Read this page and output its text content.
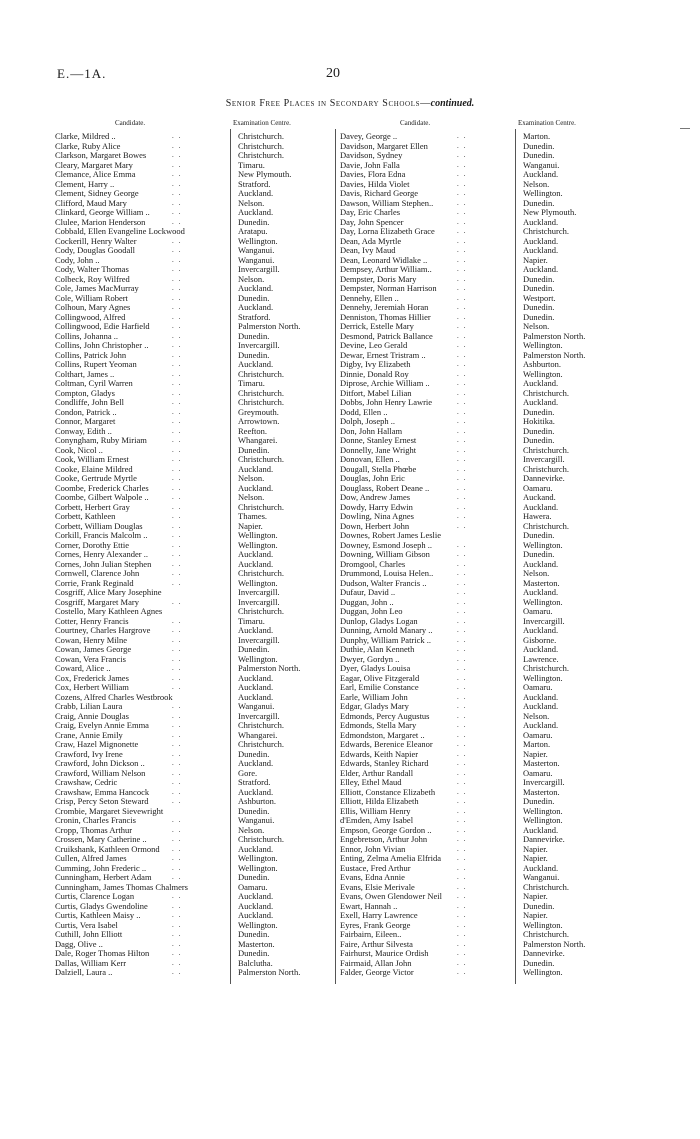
E.—1A.	20
Senior Free Places in Secondary Schools—continued.
Candidate.	Examination Centre.
Clarke, Mildred ..	..	Christchurch.
Clarke, Ruby Alice	..	Christchurch.
Clarkson, Margaret Bowes	..	Christchurch.
Cleary, Margaret Mary	..	Timaru.
Clemance, Alice Emma	..	New Plymouth.
Clement, Harry ..	..	Stratford.
Clement, Sidney George	..	Auckland.
Clifford, Maud Mary	..	Nelson.
Clinkard, George William ..	..	Auckland.
Clulee, Marion Henderson	..	Dunedin.
Cobbald, Ellen Evangeline Lockwood	Aratapu.
Cockerill, Henry Walter	..	Wellington.
Cody, Douglas Goodall	..	Wanganui.
Cody, John ..	..	Wanganui.
Cody, Walter Thomas	..	Invercargill.
Colbeck, Roy Wilfred	..	Nelson.
Cole, James MacMurray	..	Auckland.
Cole, William Robert	..	Dunedin.
Colhoun, Mary Agnes	..	Auckland.
Collingwood, Alfred	..	Stratford.
Collingwood, Edie Harfield	..	Palmerston North.
Collins, Johanna ..	..	Dunedin.
Collins, John Christopher ..	..	Invercargill.
Collins, Patrick John	..	Dunedin.
Collins, Rupert Yeoman	..	Auckland.
Colthart, James ..	..	Christchurch.
Coltman, Cyril Warren	..	Timaru.
Compton, Gladys	..	Christchurch.
Condliffe, John Bell	..	Christchurch.
Condon, Patrick ..	..	Greymouth.
Connor, Margaret	..	Arrowtown.
Conway, Edith ..	..	Reefton.
Conyngham, Ruby Miriam	..	Whangarei.
Cook, Nicol ..	..	Dunedin.
Cook, William Ernest	..	Christchurch.
Cooke, Elaine Mildred	..	Auckland.
Cooke, Gertrude Myrtle	..	Nelson.
Coombe, Frederick Charles	..	Auckland.
Coombe, Gilbert Walpole ..	..	Nelson.
Corbett, Herbert Gray	..	Christchurch.
Corbett, Kathleen	..	Thames.
Corbett, William Douglas	..	Napier.
Corkill, Francis Malcolm ..	..	Wellington.
Corner, Dorothy Ettie	..	Wellington.
Cornes, Henry Alexander ..	..	Auckland.
Cornes, John Julian Stephen	..	Auckland.
Cornwell, Clarence John	..	Christchurch.
Corrie, Frank Reginald	..	Wellington.
Cosgriff, Alice Mary Josephine	Invercargill.
Cosgriff, Margaret Mary	..	Invercargill.
Costello, Mary Kathleen Agnes	Christchurch.
Cotter, Henry Francis	..	Timaru.
Courtney, Charles Hargrove	..	Auckland.
Cowan, Henry Milne	..	Invercargill.
Cowan, James George	..	Dunedin.
Cowan, Vera Francis	..	Wellington.
Coward, Alice ..	..	Palmerston North.
Cox, Frederick James	..	Auckland.
Cox, Herbert William	..	Auckland.
Cozens, Alfred Charles Westbrook	Auckland.
Crabb, Lilian Laura	..	Wanganui.
Craig, Annie Douglas	..	Invercargill.
Craig, Evelyn Annie Emma	..	Christchurch.
Crane, Annie Emily	..	Whangarei.
Craw, Hazel Mignonette	..	Christchurch.
Crawford, Ivy Irene	..	Dunedin.
Crawford, John Dickson ..	..	Auckland.
Crawford, William Nelson	..	Gore.
Crawshaw, Cedric	..	Stratford.
Crawshaw, Emma Hancock	..	Auckland.
Crisp, Percy Seton Steward	..	Ashburton.
Crombie, Margaret Sievewright	Dunedin.
Cronin, Charles Francis	..	Wanganui.
Cropp, Thomas Arthur	..	Nelson.
Crossen, Mary Catherine ..	..	Christchurch.
Cruikshank, Kathleen Ormond ..	Auckland.
Cullen, Alfred James	..	Wellington.
Cumming, John Frederic ..	..	Wellington.
Cunningham, Herbert Adam	..	Dunedin.
Cunningham, James Thomas Chalmers	Oamaru.
Curtis, Clarence Logan	..	Auckland.
Curtis, Gladys Gwendoline	..	Auckland.
Curtis, Kathleen Maisy ..	..	Auckland.
Curtis, Vera Isabel	..	Wellington.
Cuthill, John Elliott	..	Dunedin.
Dagg, Olive ..	..	Masterton.
Dale, Roger Thomas Hilton	..	Dunedin.
Dallas, William Kerr	..	Balclutha.
Dalziell, Laura ..	..	Palmerston North.
Candidate.	Examination Centre.
Davey, George ..	..	Marton.
Davidson, Margaret Ellen	..	Dunedin.
Davidson, Sydney	..	Dunedin.
Davie, John Falla	..	Wanganui.
Davies, Flora Edna	..	Auckland.
Davies, Hilda Violet	..	Nelson.
Davis, Richard George	..	Wellington.
Dawson, William Stephen..	..	Dunedin.
Day, Eric Charles	..	New Plymouth.
Day, John Spencer	..	Auckland.
Day, Lorna Elizabeth Grace	..	Christchurch.
Dean, Ada Myrtle	..	Auckland.
Dean, Ivy Maud	..	Auckland.
Dean, Leonard Widlake ..	..	Napier.
Dempsey, Arthur William..	..	Auckland.
Dempster, Doris Mary	..	Dunedin.
Dempster, Norman Harrison	..	Dunedin.
Dennehy, Ellen ..	..	Westport.
Dennehy, Jeremiah Horan	..	Dunedin.
Denniston, Thomas Hillier	..	Dunedin.
Derrick, Estelle Mary	..	Nelson.
Desmond, Patrick Ballance	..	Palmerston North.
Devine, Leo Gerald	..	Wellington.
Dewar, Ernest Tristram ..	..	Palmerston North.
Digby, Ivy Elizabeth	..	Ashburton.
Dinnie, Donald Roy	..	Wellington.
Diprose, Archie William ..	..	Auckland.
Ditfort, Mabel Lilian	..	Christchurch.
Dobbs, John Henry Lawrie	..	Auckland.
Dodd, Ellen ..	..	Dunedin.
Dolph, Joseph ..	..	Hokitika.
Don, John Hallam	..	Dunedin.
Donne, Stanley Ernest	..	Dunedin.
Donnelly, Jane Wright	..	Christchurch.
Donovan, Ellen ..	..	Invercargill.
Dougall, Stella Phœbe	..	Christchurch.
Douglas, John Eric	..	Dannevirke.
Douglass, Robert Deane ..	..	Oamaru.
Dow, Andrew James	..	Auckand.
Dowdy, Harry Edwin	..	Auckland.
Dowling, Nina Agnes	..	Hawera.
Down, Herbert John	..	Christchurch.
Downes, Robert James Leslie	Dunedin.
Downey, Esmond Joseph ..	..	Wellington.
Downing, William Gibson	..	Dunedin.
Dromgool, Charles	..	Auckland.
Drummond, Louisa Helen..	..	Nelson.
Dudson, Walter Francis ..	..	Masterton.
Dufaur, David ..	..	Auckland.
Duggan, John ..	..	Wellington.
Duggan, John Leo	..	Oamaru.
Dunlop, Gladys Logan	..	Invercargill.
Dunning, Arnold Manary ..	..	Auckland.
Dunphy, William Patrick ..	..	Gisborne.
Duthie, Alan Kenneth	..	Auckland.
Dwyer, Gordyn ..	..	Lawrence.
Dyer, Gladys Louisa	..	Christchurch.
Eagar, Olive Fitzgerald	..	Wellington.
Earl, Emilie Constance	..	Oamaru.
Earle, William John	..	Auckland.
Edgar, Gladys Mary	..	Auckland.
Edmonds, Percy Augustus	..	Nelson.
Edmonds, Stella Mary	..	Auckland.
Edmondston, Margaret ..	..	Oamaru.
Edwards, Berenice Eleanor	..	Marton.
Edwards, Keith Napier	..	Napier.
Edwards, Stanley Richard	..	Masterton.
Elder, Arthur Randall	..	Oamaru.
Elley, Ethel Maud	..	Invercargill.
Elliott, Constance Elizabeth	..	Masterton.
Elliott, Hilda Elizabeth	..	Dunedin.
Ellis, William Henry	..	Wellington.
d'Emden, Amy Isabel	..	Wellington.
Empson, George Gordon ..	..	Auckland.
Engebretson, Arthur John	..	Dannevirke.
Ennor, John Vivian	..	Napier.
Enting, Zelma Amelia Elfrida ..	Napier.
Eustace, Fred Arthur	..	Auckland.
Evans, Edna Annie	..	Wanganui.
Evans, Elsie Merivale	..	Christchurch.
Evans, Owen Glendower Neil ..	Napier.
Ewart, Hannah ..	..	Dunedin.
Exell, Harry Lawrence	..	Napier.
Eyres, Frank George	..	Wellington.
Fairbairn, Eileen..	..	Christchurch.
Faire, Arthur Silvesta	..	Palmerston North.
Fairhurst, Maurice Ordish	..	Dannevirke.
Fairmaid, Allan John	..	Dunedin.
Falder, George Victor	..	Wellington.
